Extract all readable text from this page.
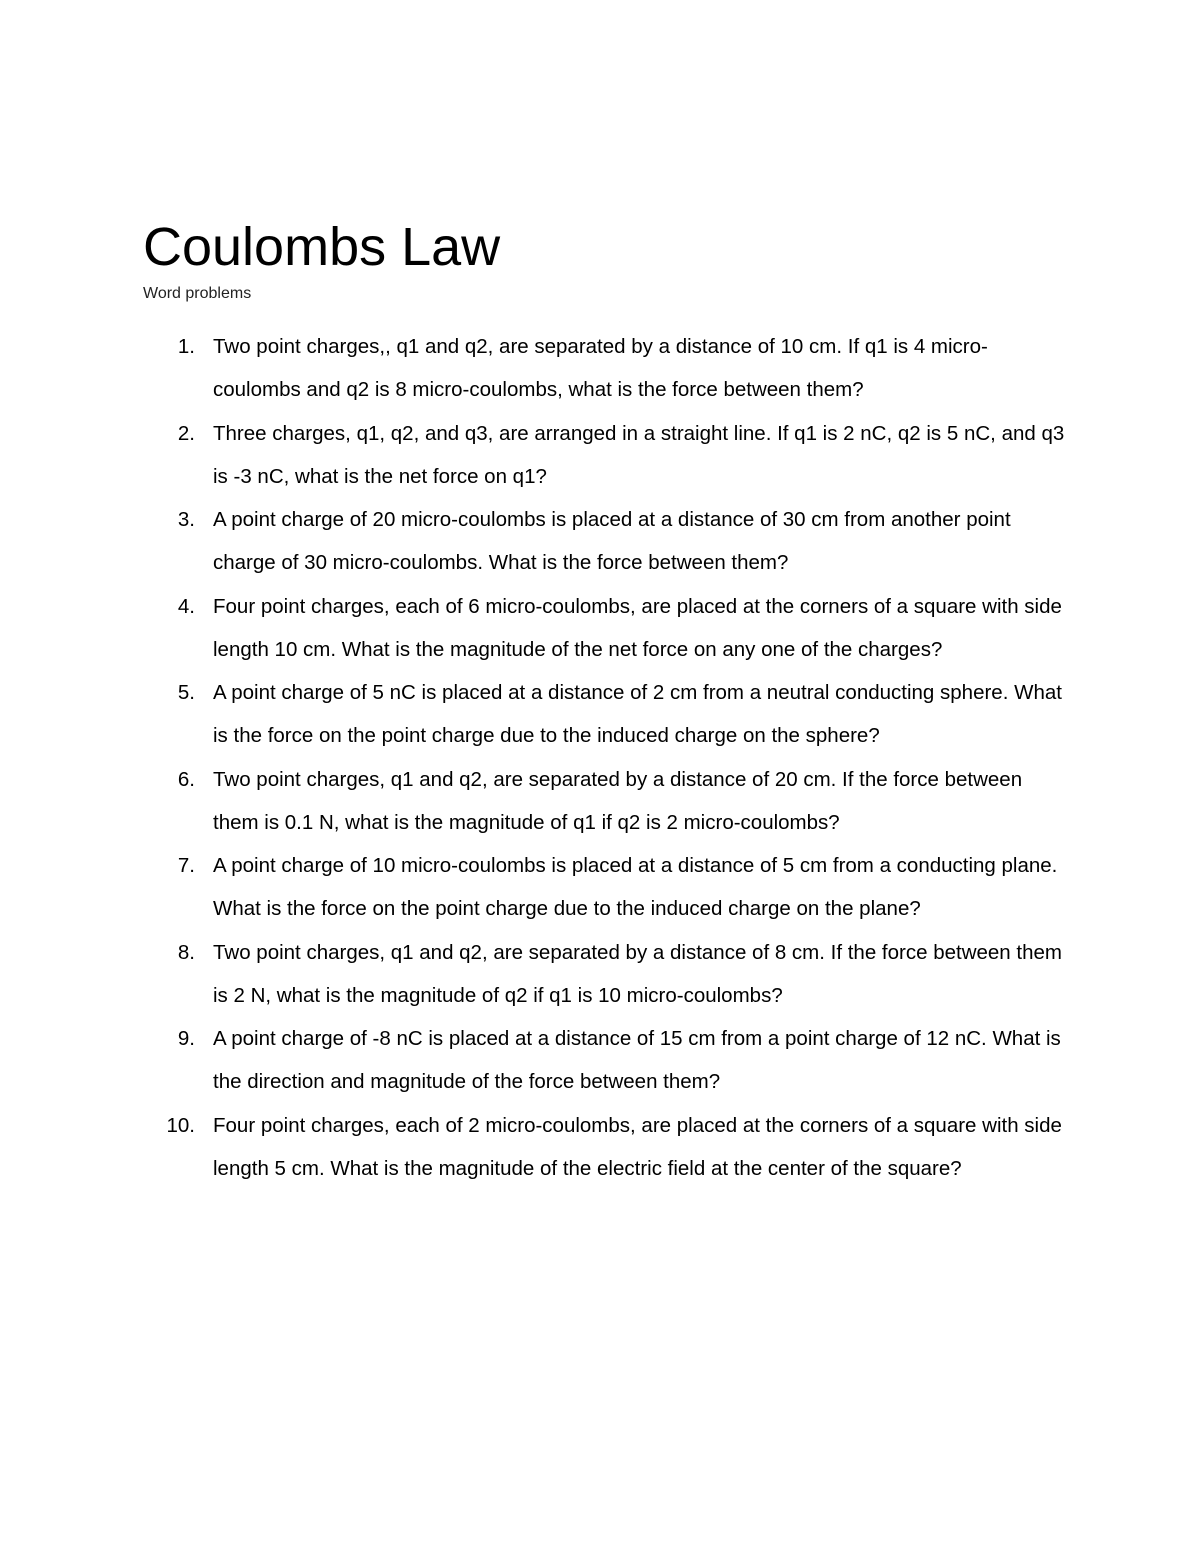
Coulombs Law

Word problems

1. Two point charges,, q1 and q2, are separated by a distance of 10 cm. If q1 is 4 micro-coulombs and q2 is 8 micro-coulombs, what is the force between them?
2. Three charges, q1, q2, and q3, are arranged in a straight line. If q1 is 2 nC, q2 is 5 nC, and q3 is -3 nC, what is the net force on q1?
3. A point charge of 20 micro-coulombs is placed at a distance of 30 cm from another point charge of 30 micro-coulombs. What is the force between them?
4. Four point charges, each of 6 micro-coulombs, are placed at the corners of a square with side length 10 cm. What is the magnitude of the net force on any one of the charges?
5. A point charge of 5 nC is placed at a distance of 2 cm from a neutral conducting sphere. What is the force on the point charge due to the induced charge on the sphere?
6. Two point charges, q1 and q2, are separated by a distance of 20 cm. If the force between them is 0.1 N, what is the magnitude of q1 if q2 is 2 micro-coulombs?
7. A point charge of 10 micro-coulombs is placed at a distance of 5 cm from a conducting plane. What is the force on the point charge due to the induced charge on the plane?
8. Two point charges, q1 and q2, are separated by a distance of 8 cm. If the force between them is 2 N, what is the magnitude of q2 if q1 is 10 micro-coulombs?
9. A point charge of -8 nC is placed at a distance of 15 cm from a point charge of 12 nC. What is the direction and magnitude of the force between them?
10. Four point charges, each of 2 micro-coulombs, are placed at the corners of a square with side length 5 cm. What is the magnitude of the electric field at the center of the square?
